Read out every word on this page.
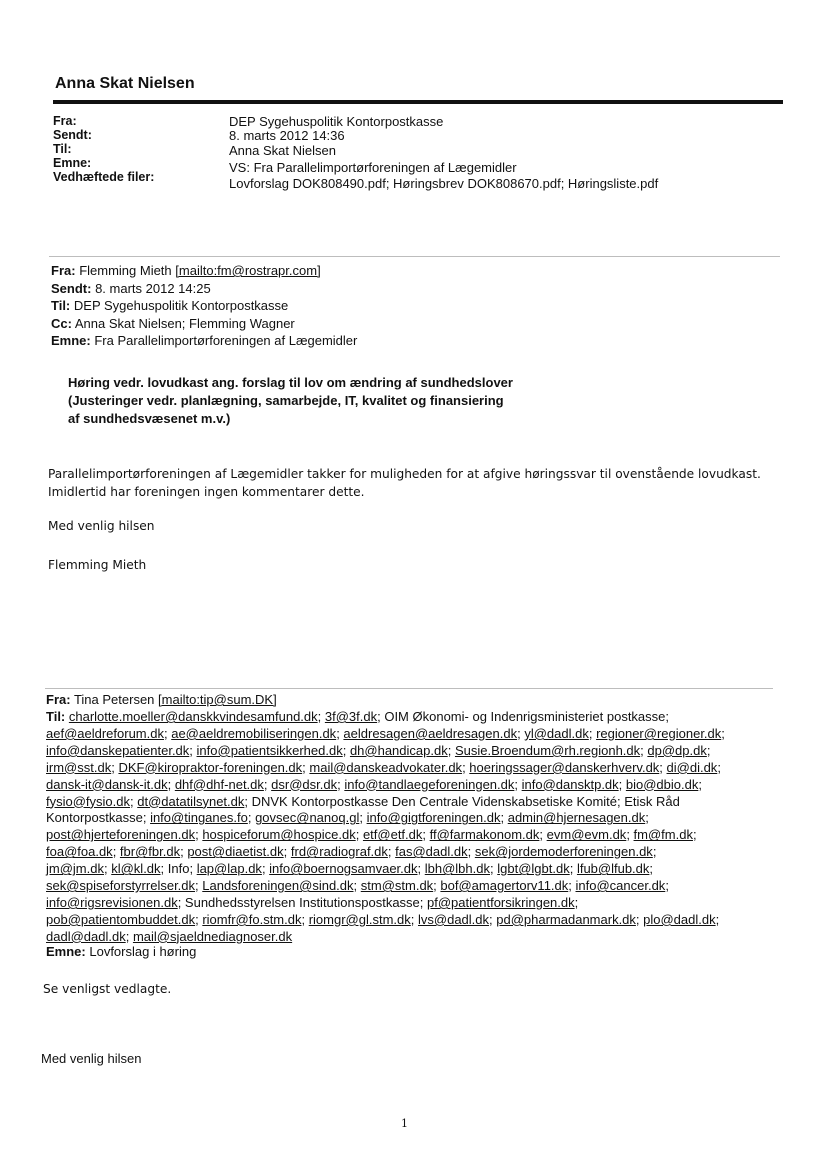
Anna Skat Nielsen
Fra:
Sendt:
Til:
Emne:
Vedhæftede filer:
DEP Sygehuspolitik Kontorpostkasse
8. marts 2012 14:36
Anna Skat Nielsen
VS: Fra Parallelimportørforeningen af Lægemidler
Lovforslag DOK808490.pdf; Høringsbrev DOK808670.pdf; Høringsliste.pdf
Fra: Flemming Mieth [mailto:fm@rostrapr.com]
Sendt: 8. marts 2012 14:25
Til: DEP Sygehuspolitik Kontorpostkasse
Cc: Anna Skat Nielsen; Flemming Wagner
Emne: Fra Parallelimportørforeningen af Lægemidler
Høring vedr. lovudkast ang. forslag til lov om ændring af sundhedslover
(Justeringer vedr. planlægning, samarbejde, IT, kvalitet og finansiering
af sundhedsvæsenet m.v.)
Parallelimportørforeningen af Lægemidler takker for muligheden for at afgive høringssvar til ovenstående lovudkast.
Imidlertid har foreningen ingen kommentarer dette.
Med venlig hilsen
Flemming Mieth
Fra: Tina Petersen [mailto:tip@sum.DK]
Til: charlotte.moeller@danskkvindesamfund.dk; 3f@3f.dk; OIM Økonomi- og Indenrigsministeriet postkasse;
aef@aeldreforum.dk; ae@aeldremobiliseringen.dk; aeldresagen@aeldresagen.dk; yl@dadl.dk; regioner@regioner.dk;
info@danskepatienter.dk; info@patientsikkerhed.dk; dh@handicap.dk; Susie.Broendum@rh.regionh.dk; dp@dp.dk;
irm@sst.dk; DKF@kiropraktor-foreningen.dk; mail@danskeadvokater.dk; hoeringssager@danskerhverv.dk; di@di.dk;
dansk-it@dansk-it.dk; dhf@dhf-net.dk; dsr@dsr.dk; info@tandlaegeforeningen.dk; info@dansktp.dk; bio@dbio.dk;
fysio@fysio.dk; dt@datatilsynet.dk; DNVK Kontorpostkasse Den Centrale Videnskabsetiske Komité; Etisk Råd
Kontorpostkasse; info@tinganes.fo; govsec@nanoq.gl; info@gigtforeningen.dk; admin@hjernesagen.dk;
post@hjerteforeningen.dk; hospiceforum@hospice.dk; etf@etf.dk; ff@farmakonom.dk; evm@evm.dk; fm@fm.dk;
foa@foa.dk; fbr@fbr.dk; post@diaetist.dk; frd@radiograf.dk; fas@dadl.dk; sek@jordemoderforeningen.dk;
jm@jm.dk; kl@kl.dk; Info; lap@lap.dk; info@boernogsamvaer.dk; lbh@lbh.dk; lgbt@lgbt.dk; lfub@lfub.dk;
sek@spiseforstyrrelser.dk; Landsforeningen@sind.dk; stm@stm.dk; bof@amagertorv11.dk; info@cancer.dk;
info@rigsrevisionen.dk; Sundhedsstyrelsen Institutionspostkasse; pf@patientforsikringen.dk;
pob@patientombuddet.dk; riomfr@fo.stm.dk; riomgr@gl.stm.dk; lvs@dadl.dk; pd@pharmadanmark.dk; plo@dadl.dk;
dadl@dadl.dk; mail@sjaeldnediagnoser.dk
Emne: Lovforslag i høring
Se venligst vedlagte.
Med venlig hilsen
1
